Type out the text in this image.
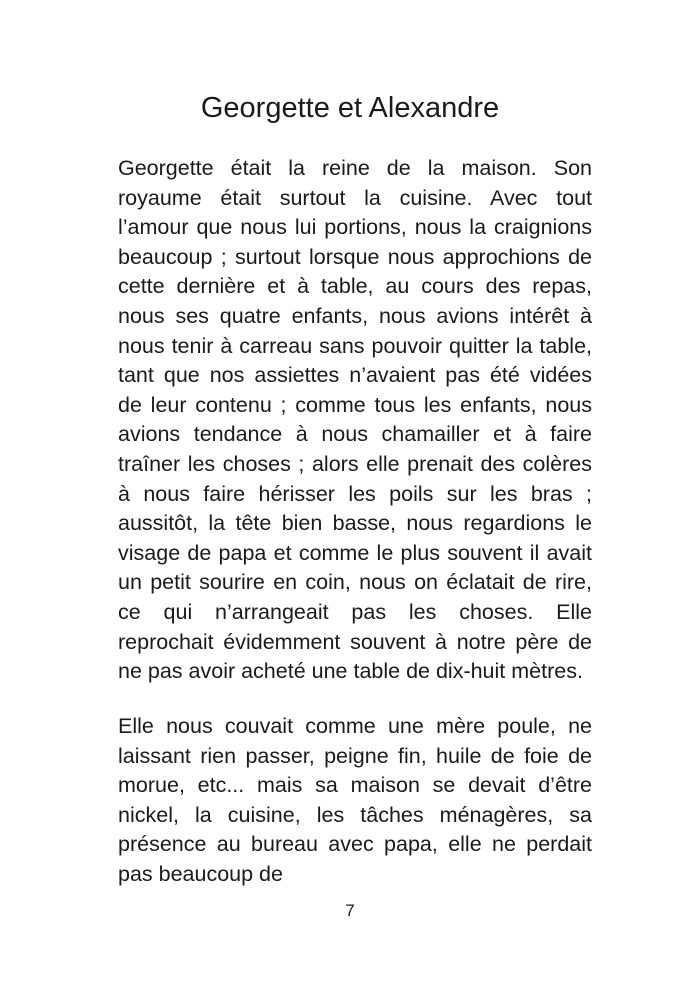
Georgette et Alexandre

Georgette était la reine de la maison. Son royaume était surtout la cuisine. Avec tout l’amour que nous lui portions, nous la craignions beaucoup ; surtout lorsque nous approchions de cette dernière et à table, au cours des repas, nous ses quatre enfants, nous avions intérêt à nous tenir à carreau sans pouvoir quitter la table, tant que nos assiettes n’avaient pas été vidées de leur contenu ; comme tous les enfants, nous avions tendance à nous chamailler et à faire traîner les choses ; alors elle prenait des colères à nous faire hérisser les poils sur les bras ; aussitôt, la tête bien basse, nous regardions le visage de papa et comme le plus souvent il avait un petit sourire en coin, nous on éclatait de rire, ce qui n’arrangeait pas les choses. Elle reprochait évidemment souvent à notre père de ne pas avoir acheté une table de dix-huit mètres.

Elle nous couvait comme une mère poule, ne laissant rien passer, peigne fin, huile de foie de morue, etc... mais sa maison se devait d’être nickel, la cuisine, les tâches ménagères, sa présence au bureau avec papa, elle ne perdait pas beaucoup de

7
